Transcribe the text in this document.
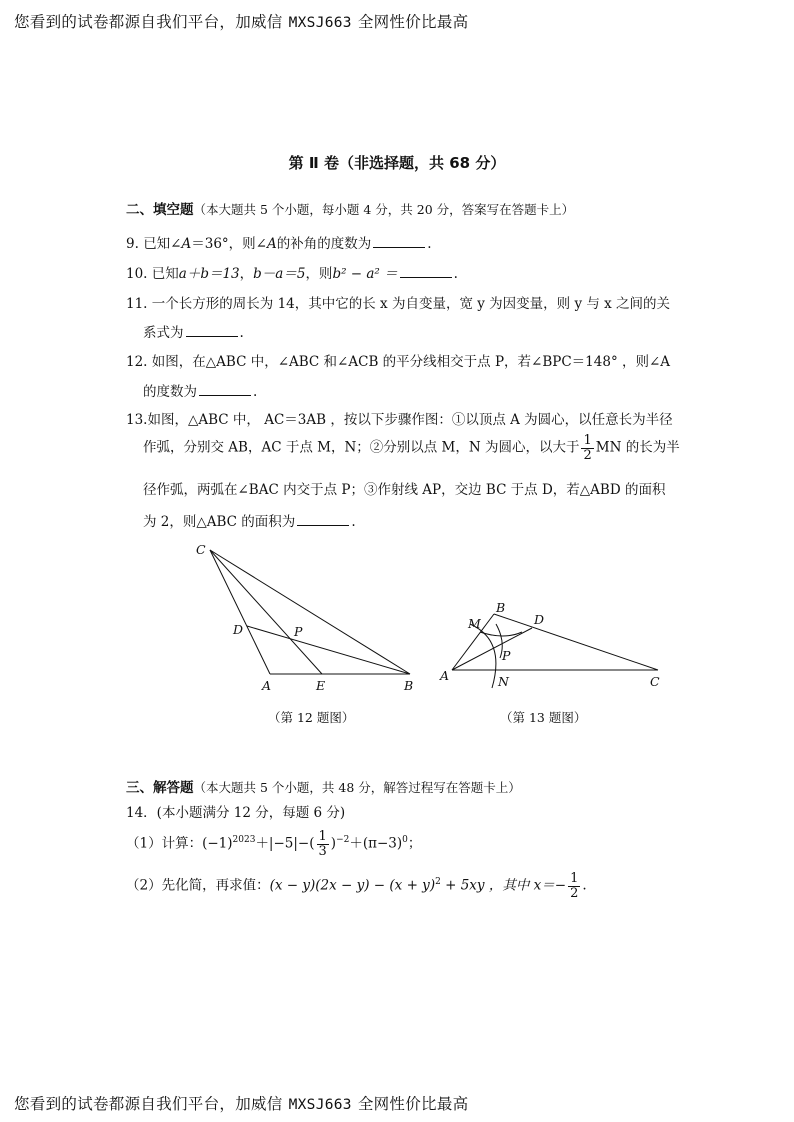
您看到的试卷都源自我们平台，加威信 MXSJ663 全网性价比最高
第 Ⅱ 卷（非选择题，共 68 分）
二、填空题（本大题共 5 个小题，每小题 4 分，共 20 分，答案写在答题卡上）
9. 已知∠A＝36°，则∠A的补角的度数为	.
10. 已知a＋b＝13，b－a＝5，则b² − a² ＝	.
11. 一个长方形的周长为 14，其中它的长 x 为自变量，宽 y 为因变量，则 y 与 x 之间的关
系式为	.
12. 如图，在△ABC 中，∠ABC 和∠ACB 的平分线相交于点 P，若∠BPC＝148° ，则∠A
的度数为	.
13.如图，△ABC 中， AC＝3AB ，按以下步骤作图：①以顶点 A 为圆心，以任意长为半径
作弧，分别交 AB，AC 于点 M，N；②分别以点 M，N 为圆心，以大于 $\frac{1}{2}$ MN 的长为半
径作弧，两弧在∠BAC 内交于点 P；③作射线 AP，交边 BC 于点 D，若△ABD 的面积
为 2，则△ABC 的面积为	.
C
D	P
A	E	B
（第 12 题图）
B
D
M
P
A	N	C
（第 13 题图）
三、解答题（本大题共 5 个小题，共 48 分，解答过程写在答题卡上）
14．(本小题满分 12 分，每题 6 分)
（1）计算：$(-1)^{2023}+|-5|-( \frac{1}{3} )^{-2}+(\pi-3)^0$；
（2）先化简，再求值：$(x - y)(2x - y) - (x + y)^2 + 5xy$ ，其中 $x=- \frac{1}{2}$ .
您看到的试卷都源自我们平台，加威信 MXSJ663 全网性价比最高
